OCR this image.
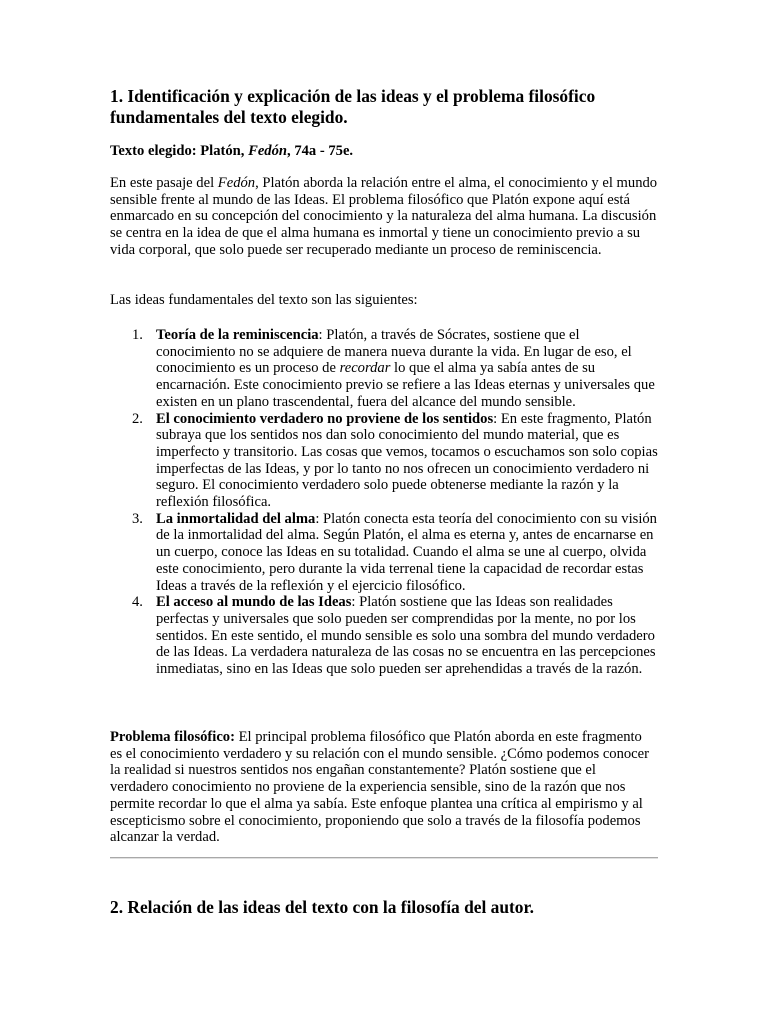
1. Identificación y explicación de las ideas y el problema filosófico fundamentales del texto elegido.

Texto elegido: Platón, Fedón, 74a - 75e.

En este pasaje del Fedón, Platón aborda la relación entre el alma, el conocimiento y el mundo sensible frente al mundo de las Ideas. El problema filosófico que Platón expone aquí está enmarcado en su concepción del conocimiento y la naturaleza del alma humana. La discusión se centra en la idea de que el alma humana es inmortal y tiene un conocimiento previo a su vida corporal, que solo puede ser recuperado mediante un proceso de reminiscencia.

Las ideas fundamentales del texto son las siguientes:

1. Teoría de la reminiscencia: Platón, a través de Sócrates, sostiene que el conocimiento no se adquiere de manera nueva durante la vida. En lugar de eso, el conocimiento es un proceso de recordar lo que el alma ya sabía antes de su encarnación. Este conocimiento previo se refiere a las Ideas eternas y universales que existen en un plano trascendental, fuera del alcance del mundo sensible.
2. El conocimiento verdadero no proviene de los sentidos: En este fragmento, Platón subraya que los sentidos nos dan solo conocimiento del mundo material, que es imperfecto y transitorio. Las cosas que vemos, tocamos o escuchamos son solo copias imperfectas de las Ideas, y por lo tanto no nos ofrecen un conocimiento verdadero ni seguro. El conocimiento verdadero solo puede obtenerse mediante la razón y la reflexión filosófica.
3. La inmortalidad del alma: Platón conecta esta teoría del conocimiento con su visión de la inmortalidad del alma. Según Platón, el alma es eterna y, antes de encarnarse en un cuerpo, conoce las Ideas en su totalidad. Cuando el alma se une al cuerpo, olvida este conocimiento, pero durante la vida terrenal tiene la capacidad de recordar estas Ideas a través de la reflexión y el ejercicio filosófico.
4. El acceso al mundo de las Ideas: Platón sostiene que las Ideas son realidades perfectas y universales que solo pueden ser comprendidas por la mente, no por los sentidos. En este sentido, el mundo sensible es solo una sombra del mundo verdadero de las Ideas. La verdadera naturaleza de las cosas no se encuentra en las percepciones inmediatas, sino en las Ideas que solo pueden ser aprehendidas a través de la razón.

Problema filosófico: El principal problema filosófico que Platón aborda en este fragmento es el conocimiento verdadero y su relación con el mundo sensible. ¿Cómo podemos conocer la realidad si nuestros sentidos nos engañan constantemente? Platón sostiene que el verdadero conocimiento no proviene de la experiencia sensible, sino de la razón que nos permite recordar lo que el alma ya sabía. Este enfoque plantea una crítica al empirismo y al escepticismo sobre el conocimiento, proponiendo que solo a través de la filosofía podemos alcanzar la verdad.

2. Relación de las ideas del texto con la filosofía del autor.
